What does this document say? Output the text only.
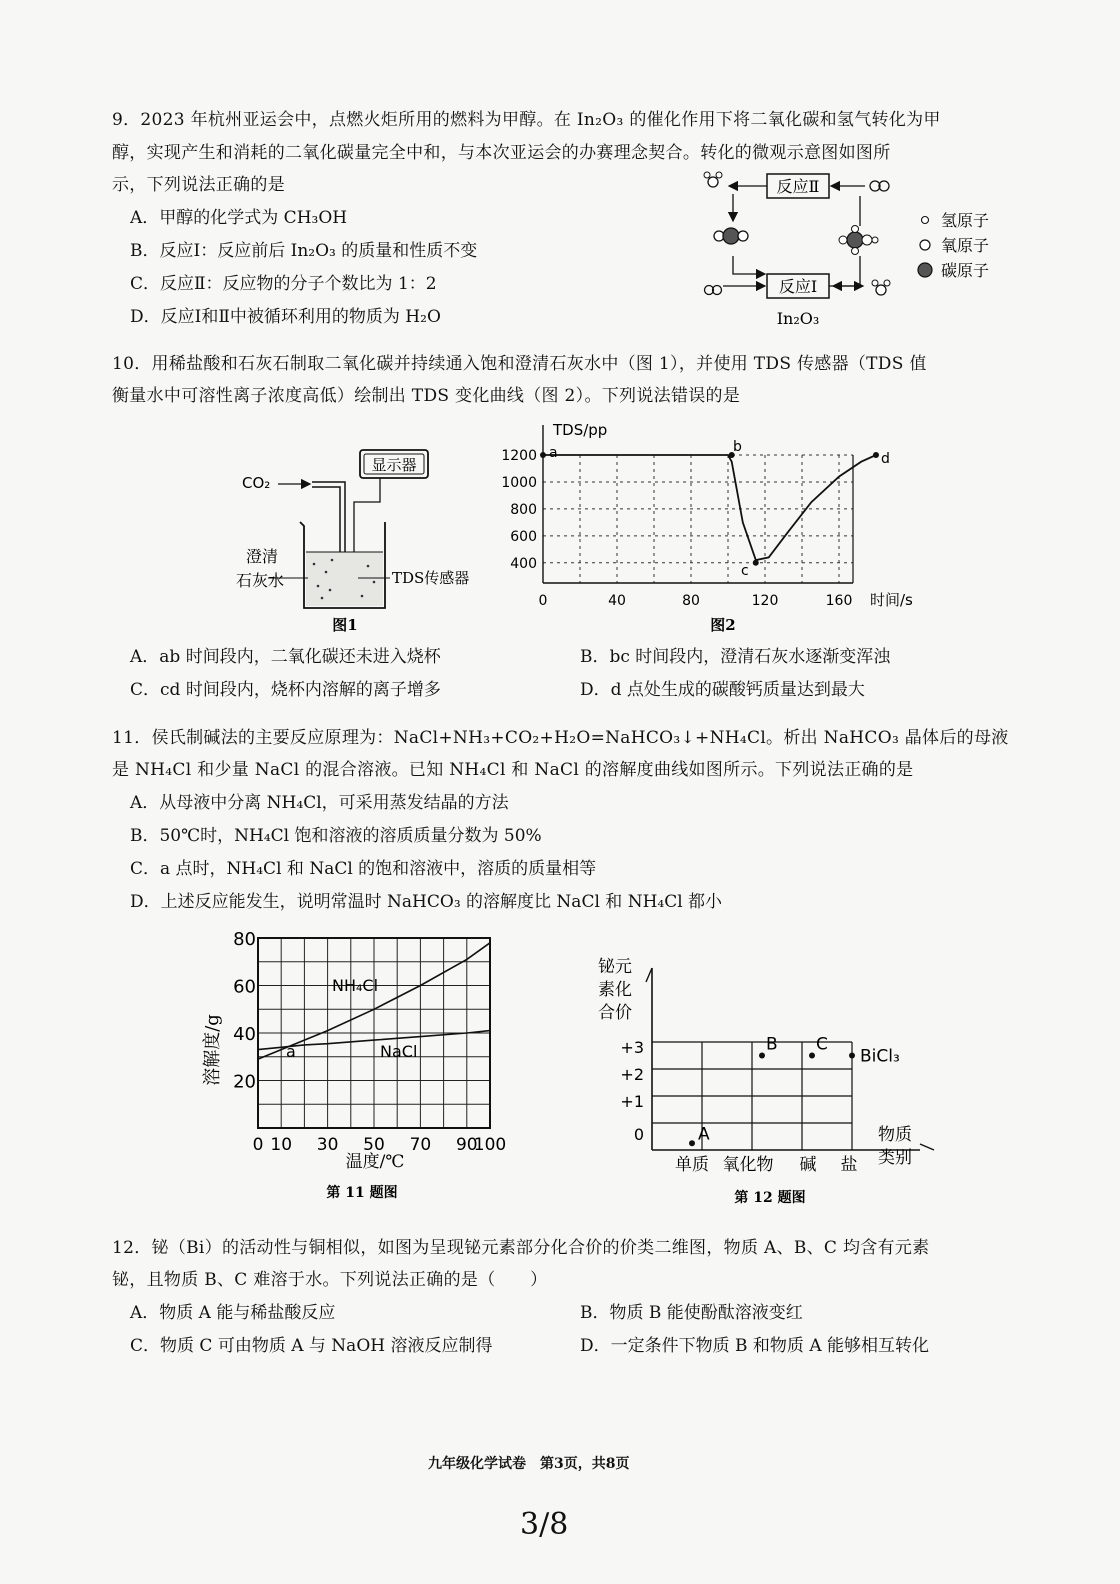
9．2023 年杭州亚运会中，点燃火炬所用的燃料为甲醇。在 In₂O₃ 的催化作用下将二氧化碳和氢气转化为甲
醇，实现产生和消耗的二氧化碳量完全中和，与本次亚运会的办赛理念契合。转化的微观示意图如图所
示，下列说法正确的是
A．甲醇的化学式为 CH₃OH
B．反应Ⅰ：反应前后 In₂O₃ 的质量和性质不变
C．反应Ⅱ：反应物的分子个数比为 1：2
D．反应Ⅰ和Ⅱ中被循环利用的物质为 H₂O
反应Ⅱ
反应Ⅰ
In₂O₃
氢原子
氧原子
碳原子
10．用稀盐酸和石灰石制取二氧化碳并持续通入饱和澄清石灰水中（图 1），并使用 TDS 传感器（TDS 值
衡量水中可溶性离子浓度高低）绘制出 TDS 变化曲线（图 2）。下列说法错误的是
CO₂
显示器
澄清
石灰水	TDS传感器
图1
400
600
800
1000
1200
0	40	80	120	160
TDS/pp
时间/s
a	b
c
d
图2
A．ab 时间段内，二氧化碳还未进入烧杯	B．bc 时间段内，澄清石灰水逐渐变浑浊
C．cd 时间段内，烧杯内溶解的离子增多	D．d 点处生成的碳酸钙质量达到最大
11．侯氏制碱法的主要反应原理为：NaCl+NH₃+CO₂+H₂O=NaHCO₃↓+NH₄Cl。析出 NaHCO₃ 晶体后的母液
是 NH₄Cl 和少量 NaCl 的混合溶液。已知 NH₄Cl 和 NaCl 的溶解度曲线如图所示。下列说法正确的是
A．从母液中分离 NH₄Cl，可采用蒸发结晶的方法
B．50℃时，NH₄Cl 饱和溶液的溶质质量分数为 50%
C．a 点时，NH₄Cl 和 NaCl 的饱和溶液中，溶质的质量相等
D．上述反应能发生，说明常温时 NaHCO₃ 的溶解度比 NaCl 和 NH₄Cl 都小
20
40
60
80
0 10 30 50 70 90
100
溶解度/g
温度/℃
NH₄Cl
NaCl
a
第 11 题图
铋元
素化
合价
物质
类别
0
+1
+2
+3
单质 氧化物 碱 盐
A
B C
BiCl₃
第 12 题图
12．铋（Bi）的活动性与铜相似，如图为呈现铋元素部分化合价的价类二维图，物质 A、B、C 均含有元素
铋，且物质 B、C 难溶于水。下列说法正确的是（　　）
A．物质 A 能与稀盐酸反应	B．物质 B 能使酚酞溶液变红
C．物质 C 可由物质 A 与 NaOH 溶液反应制得	D．一定条件下物质 B 和物质 A 能够相互转化
九年级化学试卷　第3页，共8页
3/8
